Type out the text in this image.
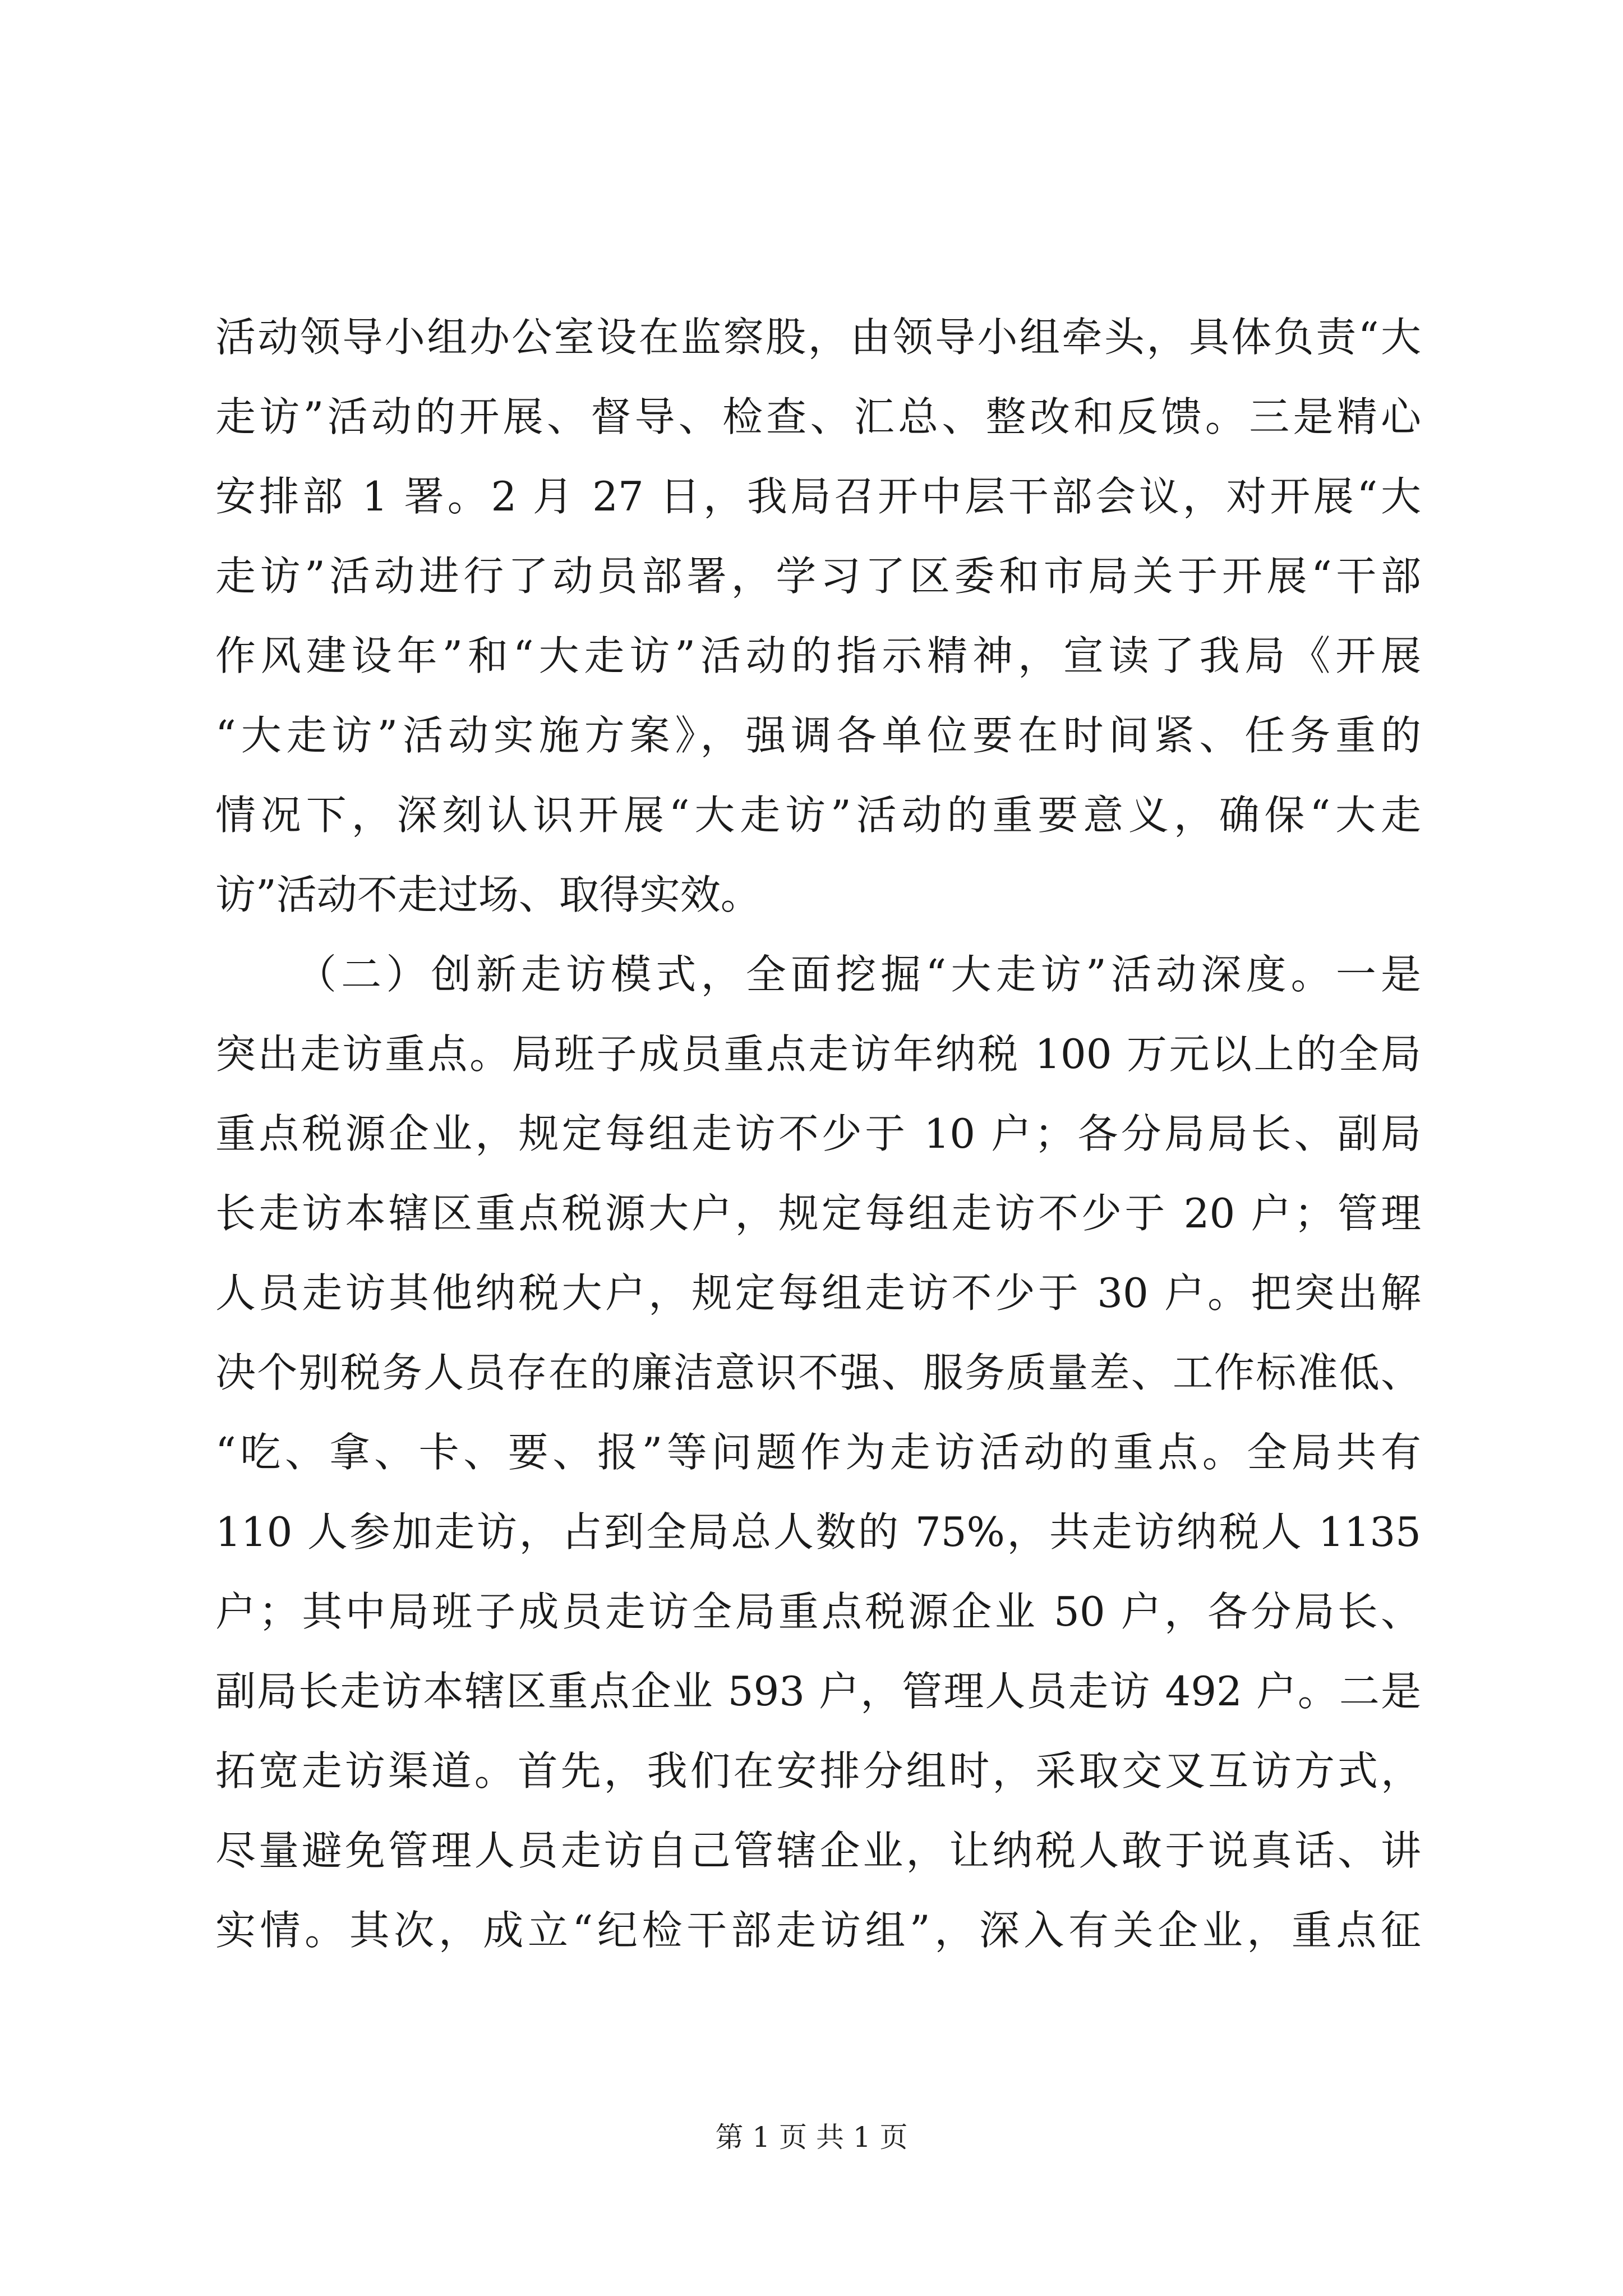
活动领导小组办公室设在监察股，由领导小组牵头，具体负责“大
走访”活动的开展、督导、检查、汇总、整改和反馈。三是精心
安排部 1 署。2 月 27 日，我局召开中层干部会议，对开展“大
走访”活动进行了动员部署，学习了区委和市局关于开展“干部
作风建设年”和“大走访”活动的指示精神，宣读了我局《开展
“大走访”活动实施方案》，强调各单位要在时间紧、任务重的
情况下，深刻认识开展“大走访”活动的重要意义，确保“大走
访”活动不走过场、取得实效。
（二）创新走访模式，全面挖掘“大走访”活动深度。一是
突出走访重点。局班子成员重点走访年纳税 100 万元以上的全局
重点税源企业，规定每组走访不少于 10 户；各分局局长、副局
长走访本辖区重点税源大户，规定每组走访不少于 20 户；管理
人员走访其他纳税大户，规定每组走访不少于 30 户。把突出解
决个别税务人员存在的廉洁意识不强、服务质量差、工作标准低、
“吃、拿、卡、要、报”等问题作为走访活动的重点。全局共有
110 人参加走访，占到全局总人数的 75%，共走访纳税人 1135
户；其中局班子成员走访全局重点税源企业 50 户，各分局长、
副局长走访本辖区重点企业 593 户，管理人员走访 492 户。二是
拓宽走访渠道。首先，我们在安排分组时，采取交叉互访方式，
尽量避免管理人员走访自己管辖企业，让纳税人敢于说真话、讲
实情。其次，成立“纪检干部走访组”，深入有关企业，重点征
第 1 页 共 1 页
